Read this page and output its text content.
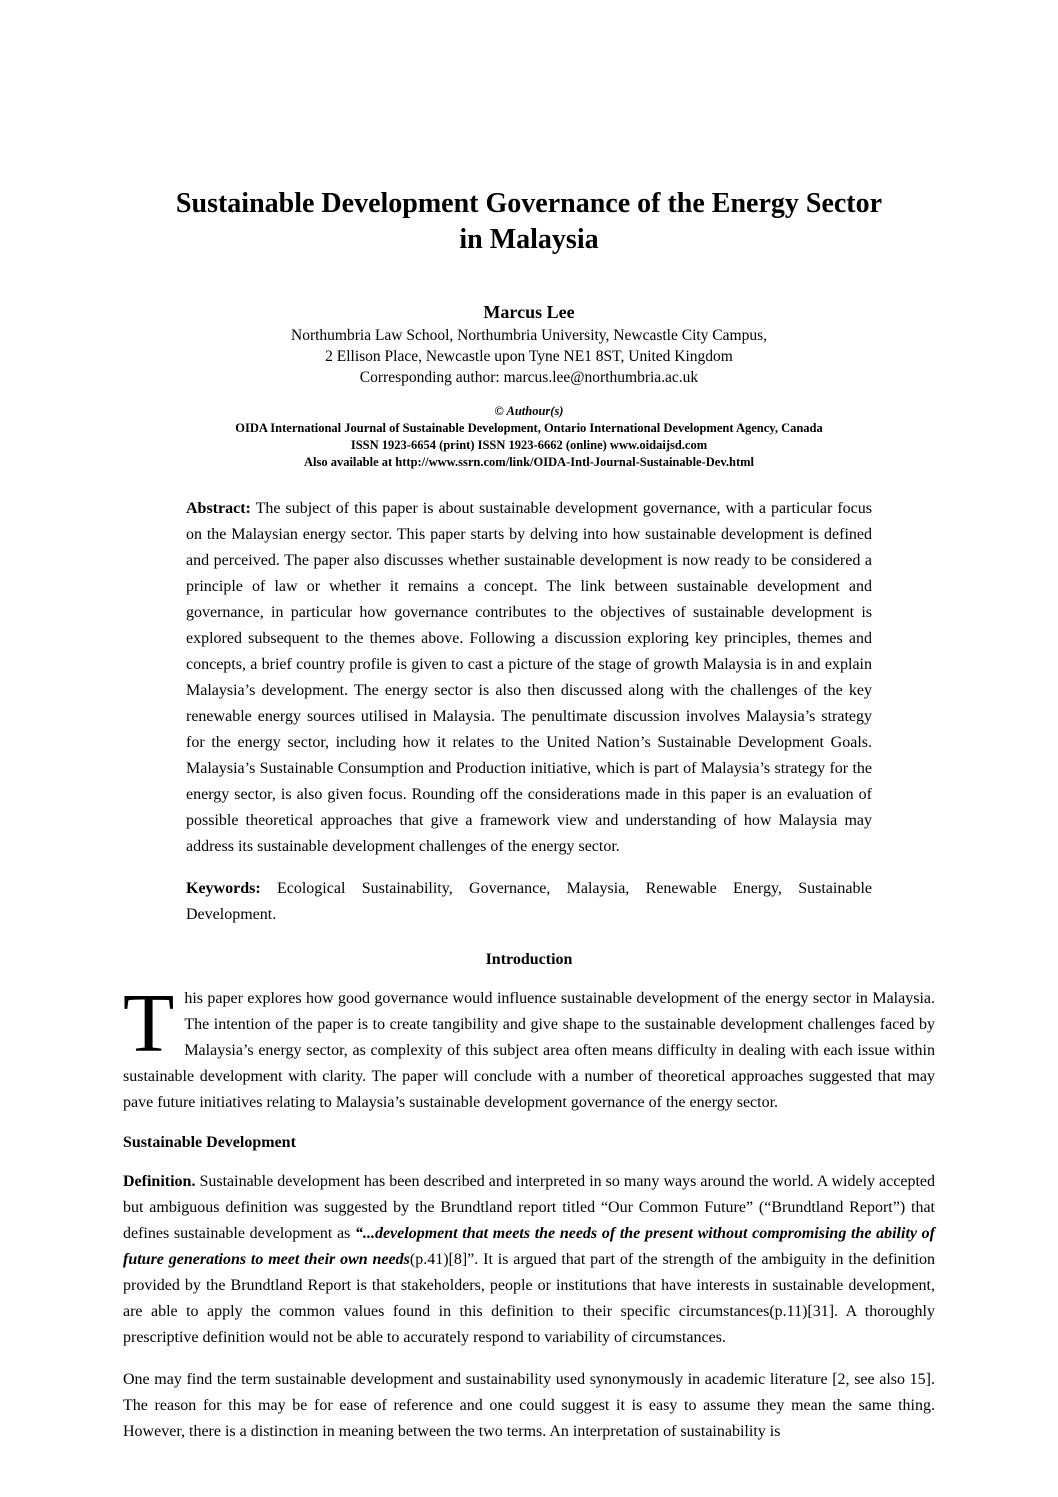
Sustainable Development Governance of the Energy Sector
in Malaysia
Marcus Lee
Northumbria Law School, Northumbria University, Newcastle City Campus,
2 Ellison Place, Newcastle upon Tyne NE1 8ST, United Kingdom
Corresponding author: marcus.lee@northumbria.ac.uk
© Authour(s)
OIDA International Journal of Sustainable Development, Ontario International Development Agency, Canada
ISSN 1923-6654 (print) ISSN 1923-6662 (online) www.oidaijsd.com
Also available at http://www.ssrn.com/link/OIDA-Intl-Journal-Sustainable-Dev.html

Abstract: The subject of this paper is about sustainable development governance, with a particular focus on the Malaysian energy sector. This paper starts by delving into how sustainable development is defined and perceived. The paper also discusses whether sustainable development is now ready to be considered a principle of law or whether it remains a concept. The link between sustainable development and governance, in particular how governance contributes to the objectives of sustainable development is explored subsequent to the themes above. Following a discussion exploring key principles, themes and concepts, a brief country profile is given to cast a picture of the stage of growth Malaysia is in and explain Malaysia’s development. The energy sector is also then discussed along with the challenges of the key renewable energy sources utilised in Malaysia. The penultimate discussion involves Malaysia’s strategy for the energy sector, including how it relates to the United Nation’s Sustainable Development Goals. Malaysia’s Sustainable Consumption and Production initiative, which is part of Malaysia’s strategy for the energy sector, is also given focus. Rounding off the considerations made in this paper is an evaluation of possible theoretical approaches that give a framework view and understanding of how Malaysia may address its sustainable development challenges of the energy sector.

Keywords: Ecological Sustainability, Governance, Malaysia, Renewable Energy, Sustainable Development.

Introduction

This paper explores how good governance would influence sustainable development of the energy sector in Malaysia. The intention of the paper is to create tangibility and give shape to the sustainable development challenges faced by Malaysia’s energy sector, as complexity of this subject area often means difficulty in dealing with each issue within sustainable development with clarity. The paper will conclude with a number of theoretical approaches suggested that may pave future initiatives relating to Malaysia’s sustainable development governance of the energy sector.

Sustainable Development

Definition. Sustainable development has been described and interpreted in so many ways around the world. A widely accepted but ambiguous definition was suggested by the Brundtland report titled “Our Common Future” (“Brundtland Report”) that defines sustainable development as “...development that meets the needs of the present without compromising the ability of future generations to meet their own needs(p.41)[8]”. It is argued that part of the strength of the ambiguity in the definition provided by the Brundtland Report is that stakeholders, people or institutions that have interests in sustainable development, are able to apply the common values found in this definition to their specific circumstances(p.11)[31]. A thoroughly prescriptive definition would not be able to accurately respond to variability of circumstances.

One may find the term sustainable development and sustainability used synonymously in academic literature [2, see also 15]. The reason for this may be for ease of reference and one could suggest it is easy to assume they mean the same thing. However, there is a distinction in meaning between the two terms. An interpretation of sustainability is
